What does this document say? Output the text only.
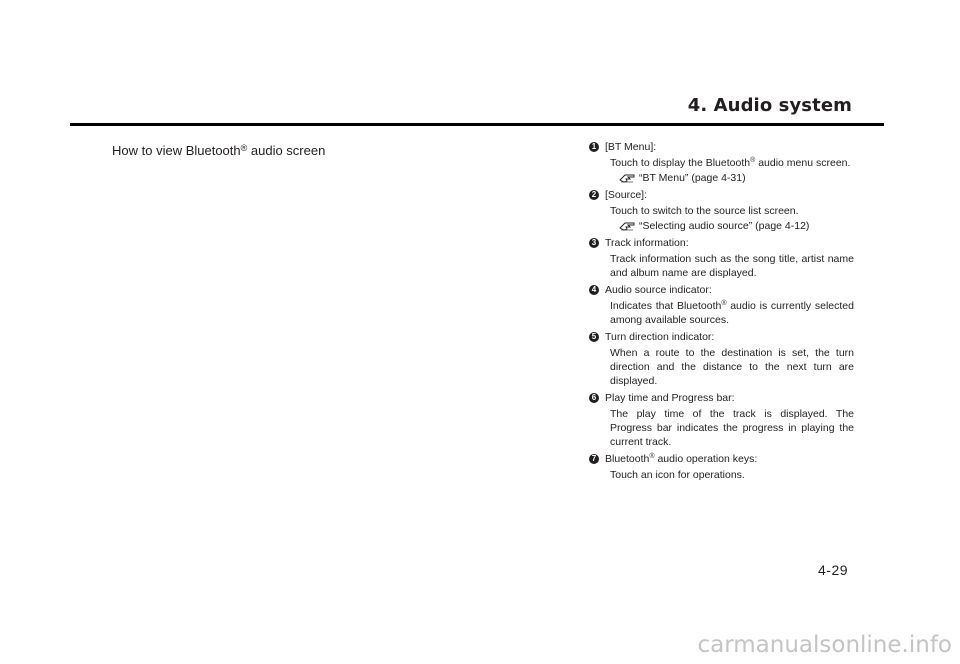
4. Audio system
How to view Bluetooth® audio screen	1 [BT Menu]:
Touch to display the Bluetooth® audio menu screen.
“BT Menu” (page 4-31)
2 [Source]:
Touch to switch to the source list screen.
“Selecting audio source” (page 4-12)
3 Track information:
Track information such as the song title, artist name and album name are displayed.
4 Audio source indicator:
Indicates that Bluetooth® audio is currently selected among available sources.
5 Turn direction indicator:
When a route to the destination is set, the turn direction and the distance to the next turn are displayed.
6 Play time and Progress bar:
The play time of the track is displayed. The Progress bar indicates the progress in playing the current track.
7 Bluetooth® audio operation keys:
Touch an icon for operations.
4-29
carmanualsonline.info
